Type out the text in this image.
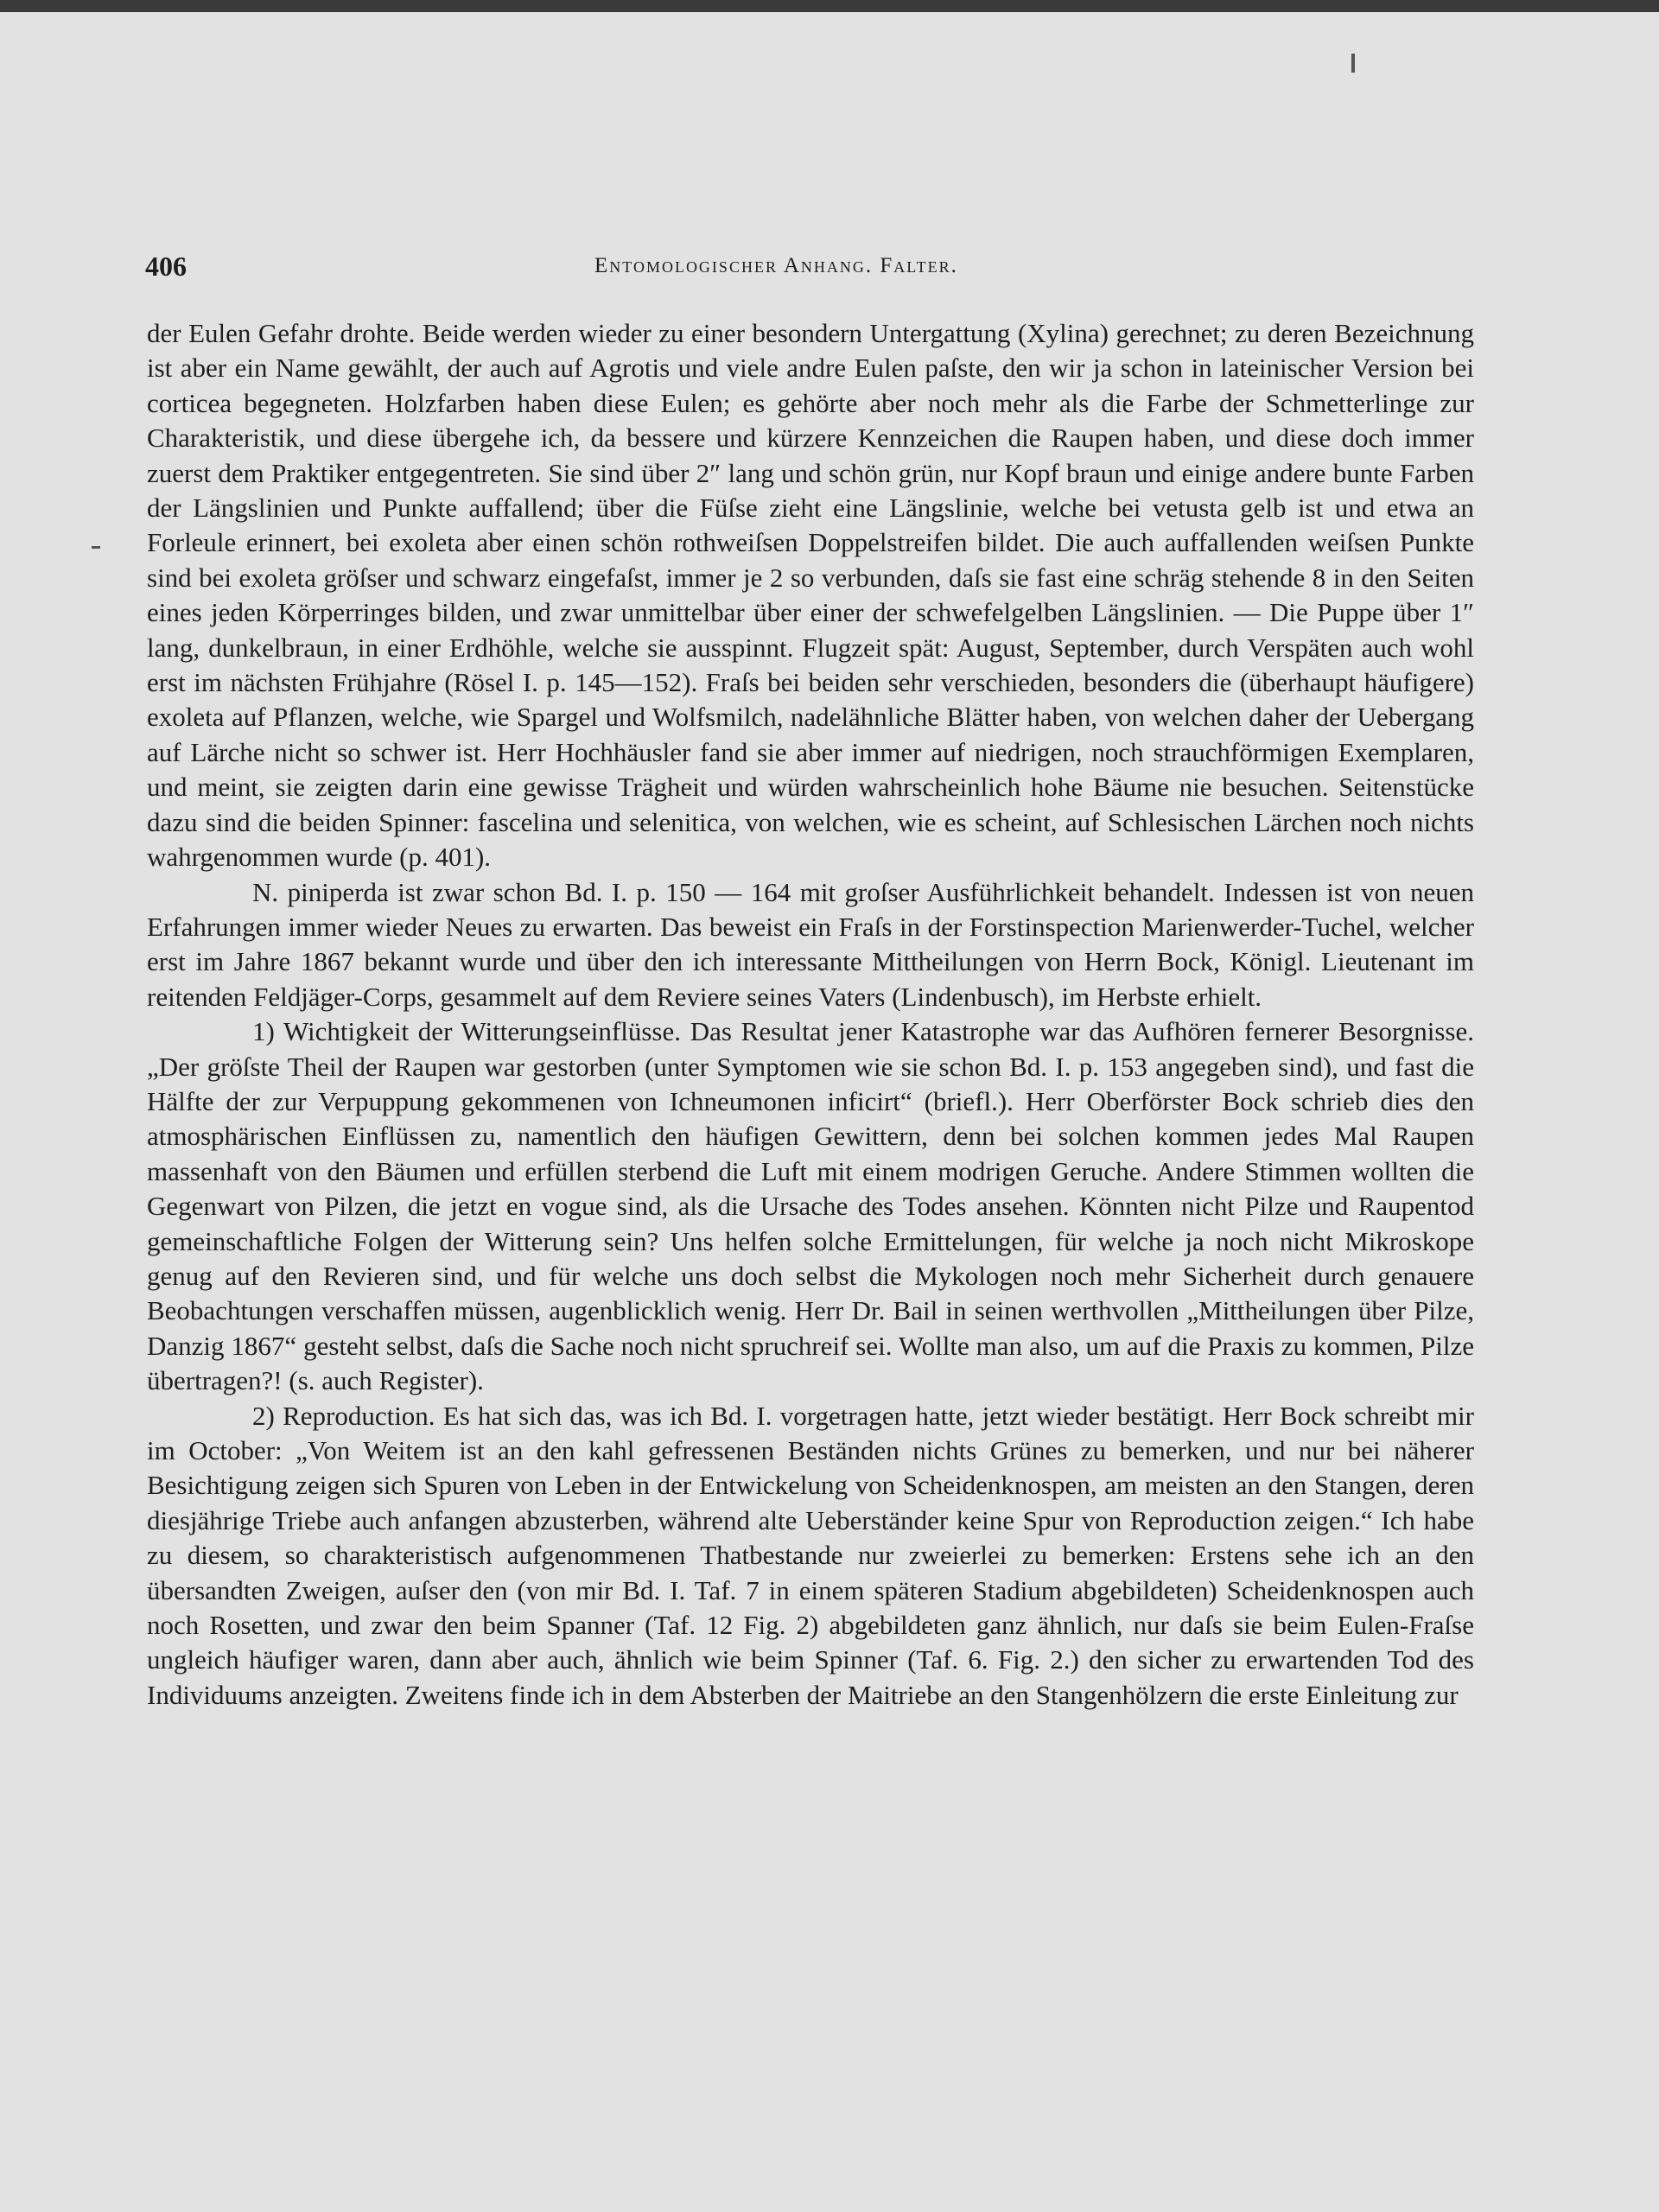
406	Entomologischer Anhang. Falter.

der Eulen Gefahr drohte. Beide werden wieder zu einer besondern Untergattung (Xylina) gerechnet; zu deren Bezeichnung ist aber ein Name gewählt, der auch auf Agrotis und viele andre Eulen paſste, den wir ja schon in lateinischer Version bei corticea begegneten. Holzfarben haben diese Eulen; es gehörte aber noch mehr als die Farbe der Schmetterlinge zur Charakteristik, und diese übergehe ich, da bessere und kürzere Kennzeichen die Raupen haben, und diese doch immer zuerst dem Praktiker entgegentreten. Sie sind über 2″ lang und schön grün, nur Kopf braun und einige andere bunte Farben der Längslinien und Punkte auffallend; über die Füſse zieht eine Längslinie, welche bei vetusta gelb ist und etwa an Forleule erinnert, bei exoleta aber einen schön rothweiſsen Doppelstreifen bildet. Die auch auffallenden weiſsen Punkte sind bei exoleta gröſser und schwarz eingefaſst, immer je 2 so verbunden, daſs sie fast eine schräg stehende 8 in den Seiten eines jeden Körperringes bilden, und zwar unmittelbar über einer der schwefelgelben Längslinien. — Die Puppe über 1″ lang, dunkelbraun, in einer Erdhöhle, welche sie ausspinnt. Flugzeit spät: August, September, durch Verspäten auch wohl erst im nächsten Frühjahre (Rösel I. p. 145—152). Fraſs bei beiden sehr verschieden, besonders die (überhaupt häufigere) exoleta auf Pflanzen, welche, wie Spargel und Wolfsmilch, nadelähnliche Blätter haben, von welchen daher der Uebergang auf Lärche nicht so schwer ist. Herr Hochhäusler fand sie aber immer auf niedrigen, noch strauchförmigen Exemplaren, und meint, sie zeigten darin eine gewisse Trägheit und würden wahrscheinlich hohe Bäume nie besuchen. Seitenstücke dazu sind die beiden Spinner: fascelina und selenitica, von welchen, wie es scheint, auf Schlesischen Lärchen noch nichts wahrgenommen wurde (p. 401).

N. piniperda ist zwar schon Bd. I. p. 150 — 164 mit groſser Ausführlichkeit behandelt. Indessen ist von neuen Erfahrungen immer wieder Neues zu erwarten. Das beweist ein Fraſs in der Forstinspection Marienwerder-Tuchel, welcher erst im Jahre 1867 bekannt wurde und über den ich interessante Mittheilungen von Herrn Bock, Königl. Lieutenant im reitenden Feldjäger-Corps, gesammelt auf dem Reviere seines Vaters (Lindenbusch), im Herbste erhielt.

1) Wichtigkeit der Witterungseinflüsse. Das Resultat jener Katastrophe war das Aufhören fernerer Besorgnisse. „Der gröſste Theil der Raupen war gestorben (unter Symptomen wie sie schon Bd. I. p. 153 angegeben sind), und fast die Hälfte der zur Verpuppung gekommenen von Ichneumonen inficirt“ (briefl.). Herr Oberförster Bock schrieb dies den atmosphärischen Einflüssen zu, namentlich den häufigen Gewittern, denn bei solchen kommen jedes Mal Raupen massenhaft von den Bäumen und erfüllen sterbend die Luft mit einem modrigen Geruche. Andere Stimmen wollten die Gegenwart von Pilzen, die jetzt en vogue sind, als die Ursache des Todes ansehen. Könnten nicht Pilze und Raupentod gemeinschaftliche Folgen der Witterung sein? Uns helfen solche Ermittelungen, für welche ja noch nicht Mikroskope genug auf den Revieren sind, und für welche uns doch selbst die Mykologen noch mehr Sicherheit durch genauere Beobachtungen verschaffen müssen, augenblicklich wenig. Herr Dr. Bail in seinen werthvollen „Mittheilungen über Pilze, Danzig 1867“ gesteht selbst, daſs die Sache noch nicht spruchreif sei. Wollte man also, um auf die Praxis zu kommen, Pilze übertragen?! (s. auch Register).

2) Reproduction. Es hat sich das, was ich Bd. I. vorgetragen hatte, jetzt wieder bestätigt. Herr Bock schreibt mir im October: „Von Weitem ist an den kahl gefressenen Beständen nichts Grünes zu bemerken, und nur bei näherer Besichtigung zeigen sich Spuren von Leben in der Entwickelung von Scheidenknospen, am meisten an den Stangen, deren diesjährige Triebe auch anfangen abzusterben, während alte Ueberständer keine Spur von Reproduction zeigen.“ Ich habe zu diesem, so charakteristisch aufgenommenen Thatbestande nur zweierlei zu bemerken: Erstens sehe ich an den übersandten Zweigen, auſser den (von mir Bd. I. Taf. 7 in einem späteren Stadium abgebildeten) Scheidenknospen auch noch Rosetten, und zwar den beim Spanner (Taf. 12 Fig. 2) abgebildeten ganz ähnlich, nur daſs sie beim Eulen-Fraſse ungleich häufiger waren, dann aber auch, ähnlich wie beim Spinner (Taf. 6. Fig. 2.) den sicher zu erwartenden Tod des Individuums anzeigten. Zweitens finde ich in dem Absterben der Maitriebe an den Stangenhölzern die erste Einleitung zur
